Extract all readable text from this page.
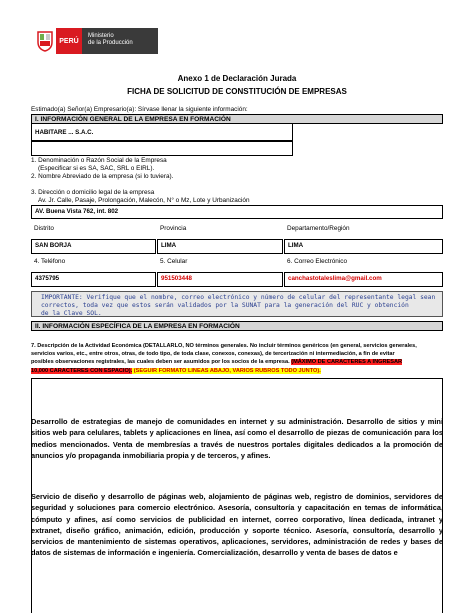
PERÚ
Ministerio
de la Producción
Anexo 1 de Declaración Jurada
FICHA DE SOLICITUD DE CONSTITUCIÓN DE EMPRESAS
Estimado(a) Señor(a) Empresario(a): Sírvase llenar la siguiente información:
I. INFORMACIÓN GENERAL DE LA EMPRESA EN FORMACIÓN
HABITARE ... S.A.C.
1. Denominación o Razón Social de la Empresa
(Especificar si es SA, SAC, SRL o EIRL).
2. Nombre Abreviado de la empresa (si lo tuviera).
3. Dirección o domicilio legal de la empresa
Av. Jr. Calle, Pasaje, Prolongación, Malecón, N° o Mz, Lote y Urbanización
AV. Buena Vista 762, int. 802
Distrito	Provincia	Departamento/Región
SAN BORJA	LIMA	LIMA
4. Teléfono	5. Celular	6. Correo Electrónico
4375795	951503448	canchastotaleslima@gmail.com
IMPORTANTE: Verifique que el nombre, correo electrónico y número de celular del representante legal sean
correctos, toda vez que estos serán validados por la SUNAT para la generación del RUC y obtención
de la Clave SOL.
II. INFORMACIÓN ESPECÍFICA DE LA EMPRESA EN FORMACIÓN
7. Descripción de la Actividad Económica (DETALLARLO, NO términos generales. No incluir términos genéricos (en general, servicios generales,
servicios varios, etc., entre otros, otras, de todo tipo, de toda clase, conexos, conexas), de tercerización ni intermediación, a fin de evitar
posibles observaciones registrales, las cuales deben ser asumidos por los socios de la empresa. (MÁXIMO DE CARACTERES A INGRESAR
10,000 CARACTERES CON ESPACIO). (SEGUIR FORMATO LINEAS ABAJO, VARIOS RUBROS TODO JUNTO).
Desarrollo de estrategias de manejo de comunidades en internet y su administración. Desarrollo de sitios y mini sitios web para celulares, tablets y aplicaciones en línea, así como el desarrollo de piezas de comunicación para los medios mencionados. Venta de membresías a través de nuestros portales digitales dedicados a la promoción de anuncios y/o propaganda inmobiliaria propia y de terceros, y afines.
Servicio de diseño y desarrollo de páginas web, alojamiento de páginas web, registro de dominios, servidores de seguridad y soluciones para comercio electrónico. Asesoría, consultoría y capacitación en temas de informática, cómputo y afines, así como servicios de publicidad en internet, correo corporativo, línea dedicada, intranet y extranet, diseño gráfico, animación, edición, producción y soporte técnico. Asesoría, consultoría, desarrollo y servicios de mantenimiento de sistemas operativos, aplicaciones, servidores, administración de redes y bases de datos de sistemas de información e ingeniería. Comercialización, desarrollo y venta de bases de datos e
